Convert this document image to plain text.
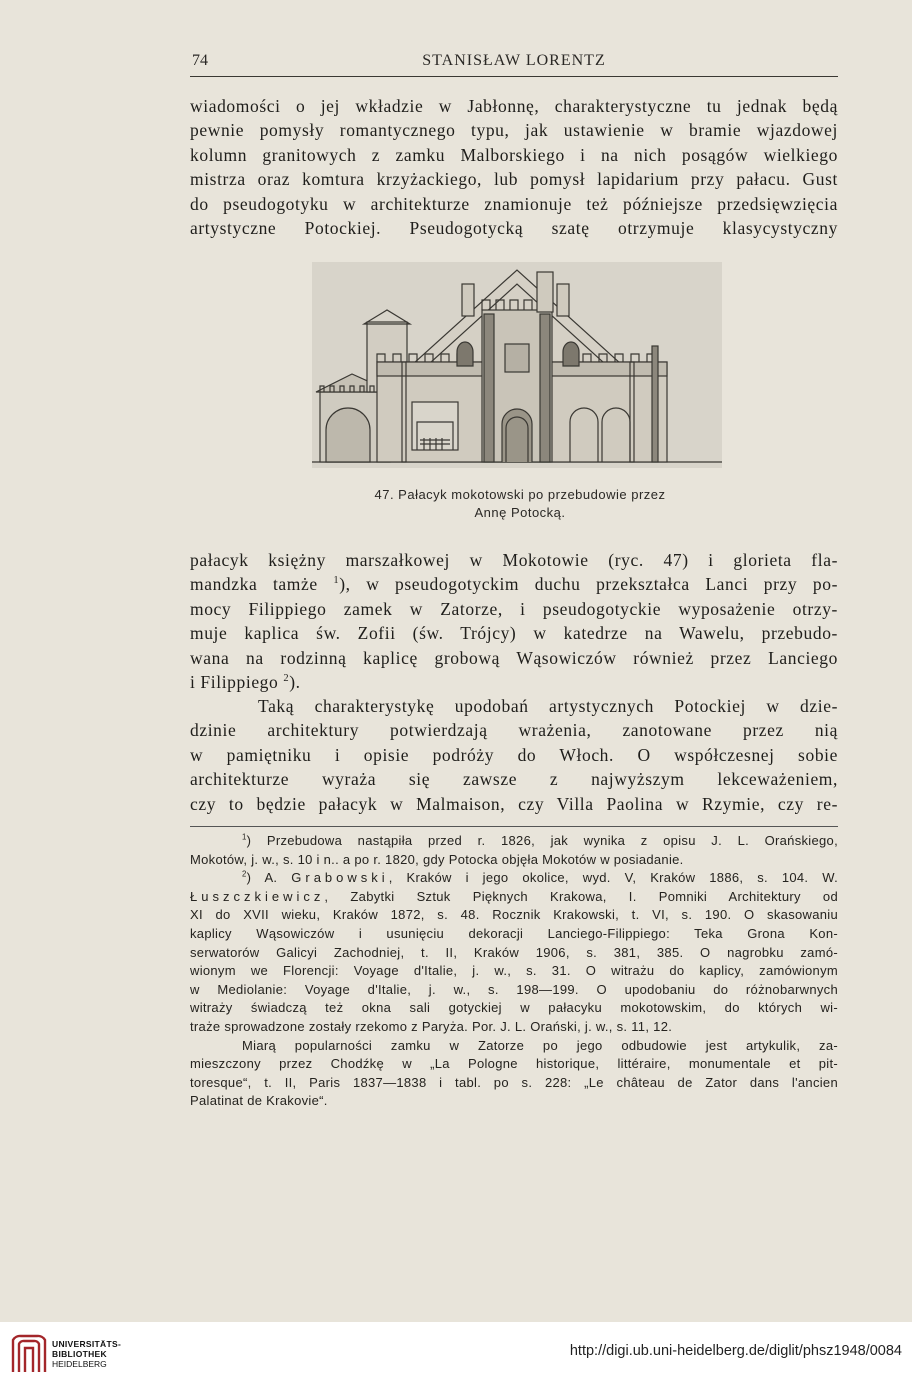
74	STANISŁAW LORENTZ

wiadomości o jej wkładzie w Jabłonnę, charakterystyczne tu jednak będą

pewnie pomysły romantycznego typu, jak ustawienie w bramie wjazdowej

kolumn granitowych z zamku Malborskiego i na nich posągów wielkiego

mistrza oraz komtura krzyżackiego, lub pomysł lapidarium przy pałacu. Gust

do pseudogotyku w architekturze znamionuje też późniejsze przedsięwzięcia

artystyczne Potockiej. Pseudogotycką szatę otrzymuje klasycystyczny

47. Pałacyk mokotowski po przebudowie przez
Annę Potocką.

pałacyk księżny marszałkowej w Mokotowie (ryc. 47) i glorieta fla-

mandzka tamże $^1$), w pseudogotyckim duchu przekształca Lanci przy po-

mocy Filippiego zamek w Zatorze, i pseudogotyckie wyposażenie otrzy-

muje kaplica św. Zofii (św. Trójcy) w katedrze na Wawelu, przebudo-

wana na rodzinną kaplicę grobową Wąsowiczów również przez Lanciego

i Filippiego $^2$).

Taką charakterystykę upodobań artystycznych Potockiej w dzie-

dzinie architektury potwierdzają wrażenia, zanotowane przez nią

w pamiętniku i opisie podróży do Włoch. O współczesnej sobie

architekturze wyraża się zawsze z najwyższym lekceważeniem,

czy to będzie pałacyk w Malmaison, czy Villa Paolina w Rzymie, czy re-

$^1$) Przebudowa nastąpiła przed r. 1826, jak wynika z opisu J. L. Orańskiego,

Mokotów, j. w., s. 10 i n.. a po r. 1820, gdy Potocka objęła Mokotów w posiadanie.

$^2$) A. Grabowski, Kraków i jego okolice, wyd. V, Kraków 1886, s. 104. W.

Łuszczkiewicz, Zabytki Sztuk Pięknych Krakowa, I. Pomniki Architektury od

XI do XVII wieku, Kraków 1872, s. 48. Rocznik Krakowski, t. VI, s. 190. O skasowaniu

kaplicy Wąsowiczów i usunięciu dekoracji Lanciego-Filippiego: Teka Grona Kon-

serwatorów Galicyi Zachodniej, t. II, Kraków 1906, s. 381, 385. O nagrobku zamó-

wionym we Florencji: Voyage d'Italie, j. w., s. 31. O witrażu do kaplicy, zamówionym

w Mediolanie: Voyage d'Italie, j. w., s. 198—199. O upodobaniu do różnobarwnych

witraży świadczą też okna sali gotyckiej w pałacyku mokotowskim, do których wi-

traże sprowadzone zostały rzekomo z Paryża. Por. J. L. Orański, j. w., s. 11, 12.

Miarą popularności zamku w Zatorze po jego odbudowie jest artykulik, za-

mieszczony przez Chodźkę w „La Pologne historique, littéraire, monumentale et pit-

toresque“, t. II, Paris 1837—1838 i tabl. po s. 228: „Le château de Zator dans l'ancien

Palatinat de Krakovie“.

UNIVERSITÄTS-
BIBLIOTHEK
HEIDELBERG
http://digi.ub.uni-heidelberg.de/diglit/phsz1948/0084
